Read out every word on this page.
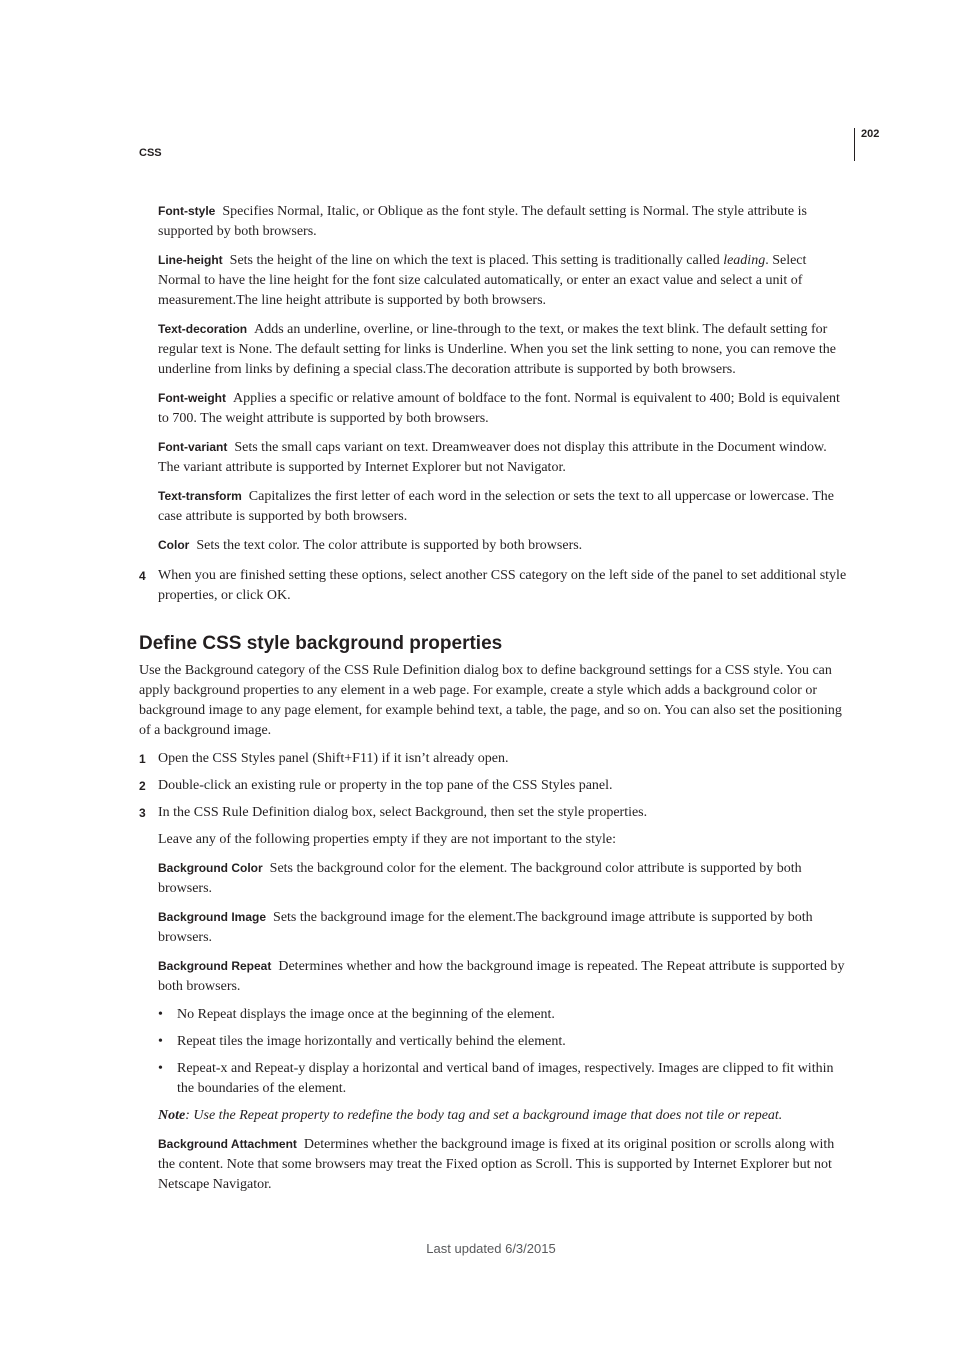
202
CSS
Font-style Specifies Normal, Italic, or Oblique as the font style. The default setting is Normal. The style attribute is supported by both browsers.
Line-height Sets the height of the line on which the text is placed. This setting is traditionally called leading. Select Normal to have the line height for the font size calculated automatically, or enter an exact value and select a unit of measurement.The line height attribute is supported by both browsers.
Text-decoration Adds an underline, overline, or line-through to the text, or makes the text blink. The default setting for regular text is None. The default setting for links is Underline. When you set the link setting to none, you can remove the underline from links by defining a special class.The decoration attribute is supported by both browsers.
Font-weight Applies a specific or relative amount of boldface to the font. Normal is equivalent to 400; Bold is equivalent to 700. The weight attribute is supported by both browsers.
Font-variant Sets the small caps variant on text. Dreamweaver does not display this attribute in the Document window. The variant attribute is supported by Internet Explorer but not Navigator.
Text-transform Capitalizes the first letter of each word in the selection or sets the text to all uppercase or lowercase. The case attribute is supported by both browsers.
Color Sets the text color. The color attribute is supported by both browsers.
4 When you are finished setting these options, select another CSS category on the left side of the panel to set additional style properties, or click OK.
Define CSS style background properties
Use the Background category of the CSS Rule Definition dialog box to define background settings for a CSS style. You can apply background properties to any element in a web page. For example, create a style which adds a background color or background image to any page element, for example behind text, a table, the page, and so on. You can also set the positioning of a background image.
1 Open the CSS Styles panel (Shift+F11) if it isn’t already open.
2 Double-click an existing rule or property in the top pane of the CSS Styles panel.
3 In the CSS Rule Definition dialog box, select Background, then set the style properties.
Leave any of the following properties empty if they are not important to the style:
Background Color Sets the background color for the element. The background color attribute is supported by both browsers.
Background Image Sets the background image for the element.The background image attribute is supported by both browsers.
Background Repeat Determines whether and how the background image is repeated. The Repeat attribute is supported by both browsers.
• No Repeat displays the image once at the beginning of the element.
• Repeat tiles the image horizontally and vertically behind the element.
• Repeat-x and Repeat-y display a horizontal and vertical band of images, respectively. Images are clipped to fit within the boundaries of the element.
Note: Use the Repeat property to redefine the body tag and set a background image that does not tile or repeat.
Background Attachment Determines whether the background image is fixed at its original position or scrolls along with the content. Note that some browsers may treat the Fixed option as Scroll. This is supported by Internet Explorer but not Netscape Navigator.
Last updated 6/3/2015
